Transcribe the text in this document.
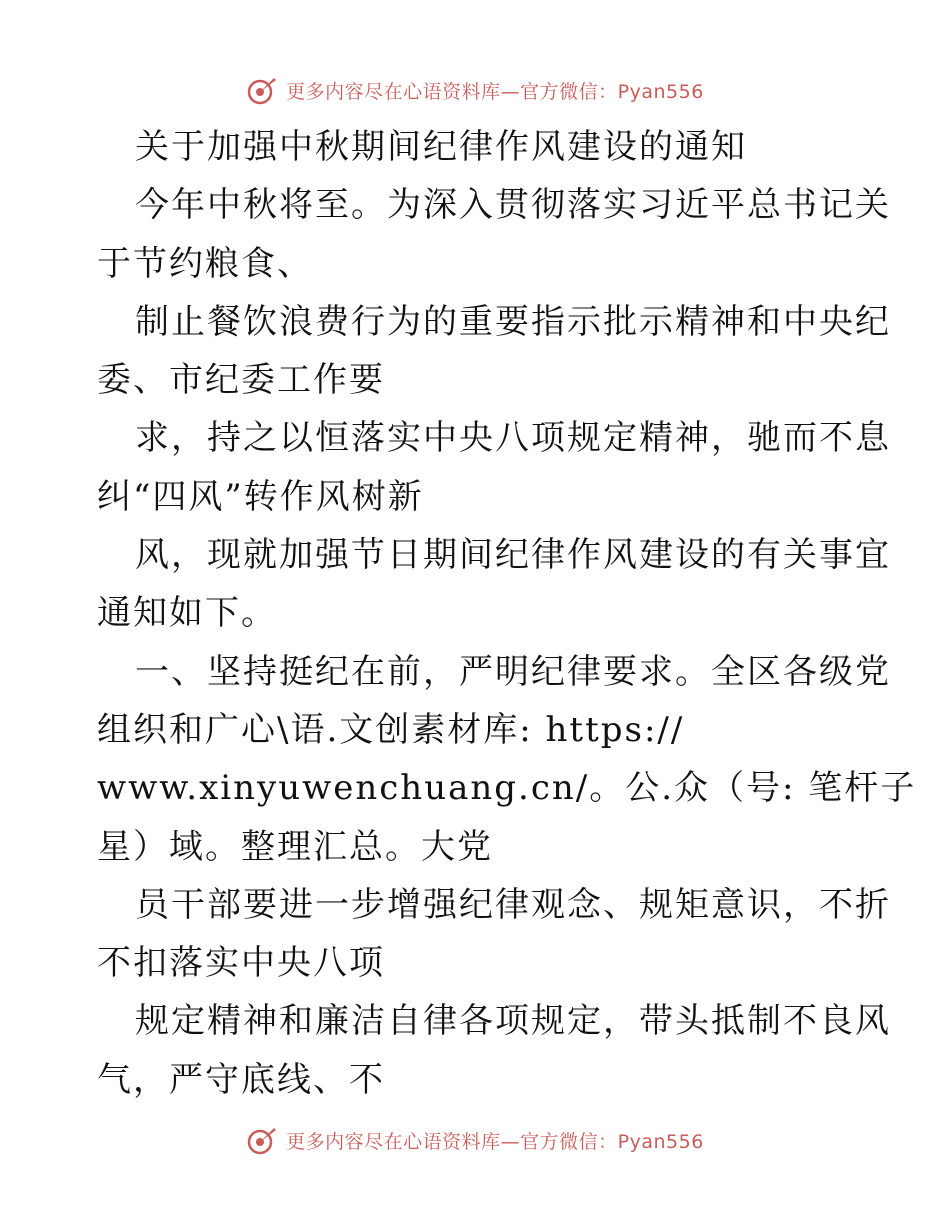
更多内容尽在心语资料库—官方微信：Pyan556
关于加强中秋期间纪律作风建设的通知
今年中秋将至。为深入贯彻落实习近平总书记关
于节约粮食、
制止餐饮浪费行为的重要指示批示精神和中央纪
委、市纪委工作要
求，持之以恒落实中央八项规定精神，驰而不息
纠“四风”转作风树新
风，现就加强节日期间纪律作风建设的有关事宜
通知如下。
一、坚持挺纪在前，严明纪律要求。全区各级党
组织和广心\语.文创素材库: https://
www.xinyuwenchuang.cn/。公.众（号: 笔杆子
星）域。整理汇总。大党
员干部要进一步增强纪律观念、规矩意识，不折
不扣落实中央八项
规定精神和廉洁自律各项规定，带头抵制不良风
气，严守底线、不
更多内容尽在心语资料库—官方微信：Pyan556
